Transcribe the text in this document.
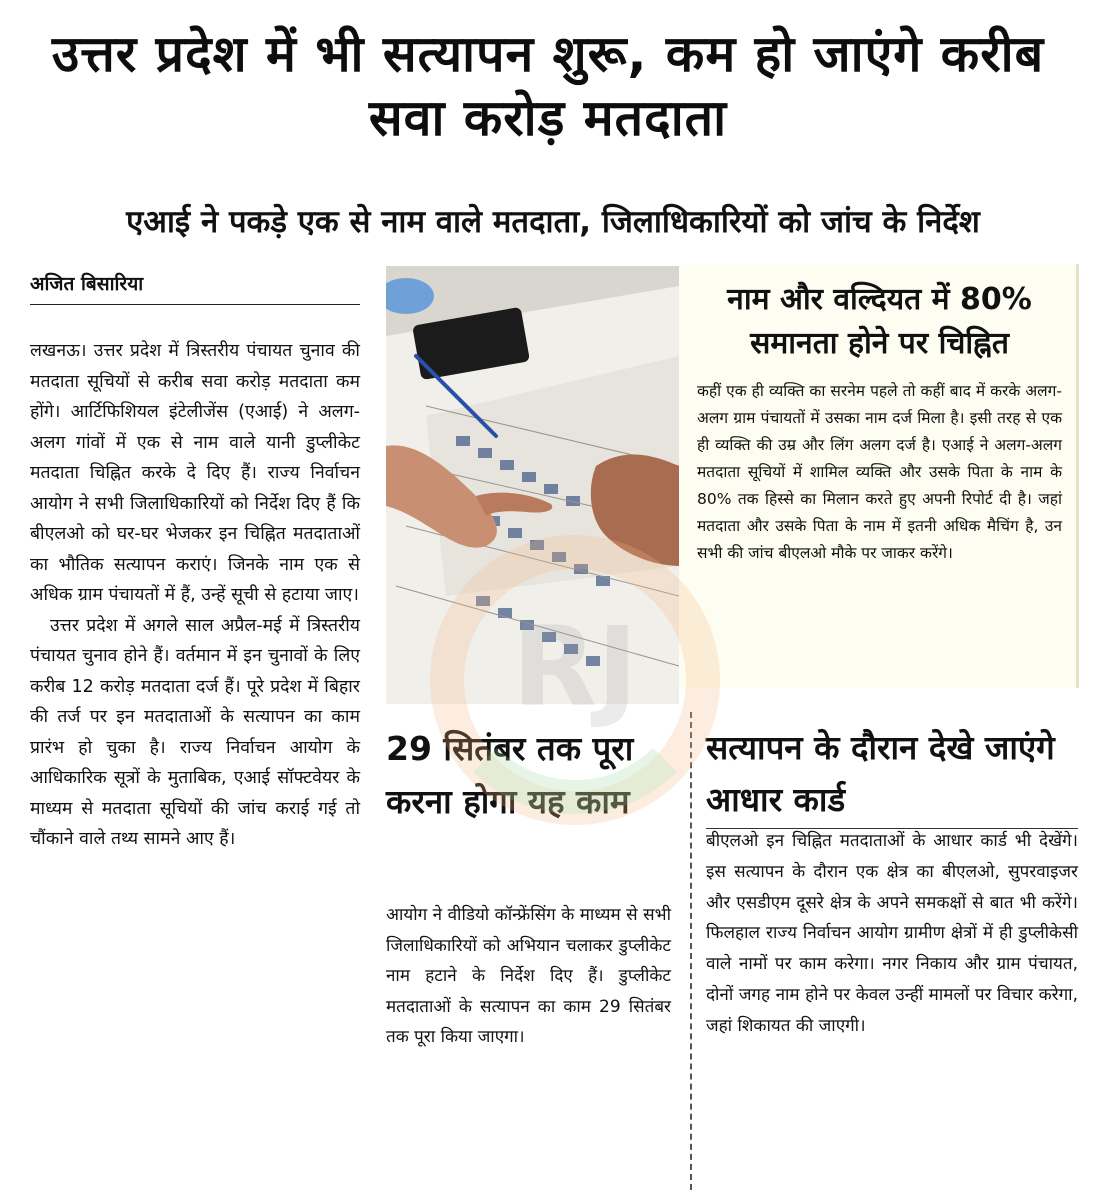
उत्तर प्रदेश में भी सत्यापन शुरू, कम हो जाएंगे करीब सवा करोड़ मतदाता
एआई ने पकड़े एक से नाम वाले मतदाता, जिलाधिकारियों को जांच के निर्देश
अजित बिसारिया

लखनऊ। उत्तर प्रदेश में त्रिस्तरीय पंचायत चुनाव की मतदाता सूचियों से करीब सवा करोड़ मतदाता कम होंगे। आर्टिफिशियल इंटेलीजेंस (एआई) ने अलग-अलग गांवों में एक से नाम वाले यानी डुप्लीकेट मतदाता चिह्नित करके दे दिए हैं। राज्य निर्वाचन आयोग ने सभी जिलाधिकारियों को निर्देश दिए हैं कि बीएलओ को घर-घर भेजकर इन चिह्नित मतदाताओं का भौतिक सत्यापन कराएं। जिनके नाम एक से अधिक ग्राम पंचायतों में हैं, उन्हें सूची से हटाया जाए।

उत्तर प्रदेश में अगले साल अप्रैल-मई में त्रिस्तरीय पंचायत चुनाव होने हैं। वर्तमान में इन चुनावों के लिए करीब 12 करोड़ मतदाता दर्ज हैं। पूरे प्रदेश में बिहार की तर्ज पर इन मतदाताओं के सत्यापन का काम प्रारंभ हो चुका है। राज्य निर्वाचन आयोग के आधिकारिक सूत्रों के मुताबिक, एआई सॉफ्टवेयर के माध्यम से मतदाता सूचियों की जांच कराई गई तो चौंकाने वाले तथ्य सामने आए हैं।

नाम और वल्दियत में 80% समानता होने पर चिह्नित
कहीं एक ही व्यक्ति का सरनेम पहले तो कहीं बाद में करके अलग-अलग ग्राम पंचायतों में उसका नाम दर्ज मिला है। इसी तरह से एक ही व्यक्ति की उम्र और लिंग अलग दर्ज है। एआई ने अलग-अलग मतदाता सूचियों में शामिल व्यक्ति और उसके पिता के नाम के 80% तक हिस्से का मिलान करते हुए अपनी रिपोर्ट दी है। जहां मतदाता और उसके पिता के नाम में इतनी अधिक मैचिंग है, उन सभी की जांच बीएलओ मौके पर जाकर करेंगे।
29 सितंबर तक पूरा करना होगा यह काम
आयोग ने वीडियो कॉन्फ्रेंसिंग के माध्यम से सभी जिलाधिकारियों को अभियान चलाकर डुप्लीकेट नाम हटाने के निर्देश दिए हैं। डुप्लीकेट मतदाताओं के सत्यापन का काम 29 सितंबर तक पूरा किया जाएगा।
सत्यापन के दौरान देखे जाएंगे आधार कार्ड
बीएलओ इन चिह्नित मतदाताओं के आधार कार्ड भी देखेंगे। इस सत्यापन के दौरान एक क्षेत्र का बीएलओ, सुपरवाइजर और एसडीएम दूसरे क्षेत्र के अपने समकक्षों से बात भी करेंगे। फिलहाल राज्य निर्वाचन आयोग ग्रामीण क्षेत्रों में ही डुप्लीकेसी वाले नामों पर काम करेगा। नगर निकाय और ग्राम पंचायत, दोनों जगह नाम होने पर केवल उन्हीं मामलों पर विचार करेगा, जहां शिकायत की जाएगी।
